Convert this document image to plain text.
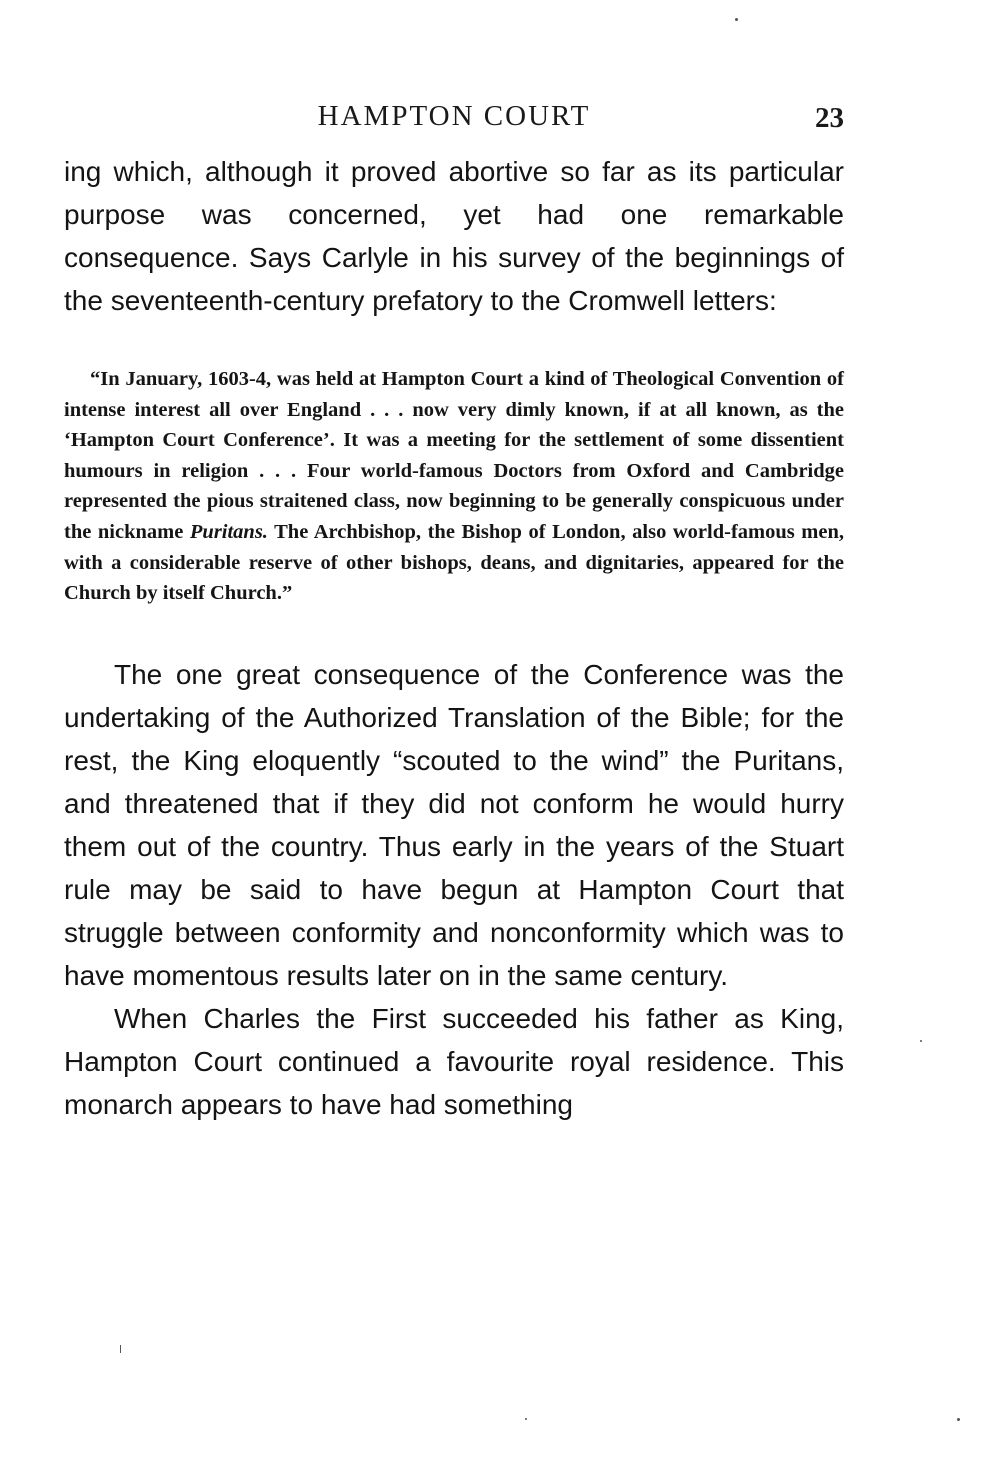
HAMPTON COURT	23

ing which, although it proved abortive so far as its particular purpose was concerned, yet had one remarkable consequence. Says Carlyle in his survey of the beginnings of the seventeenth-century prefatory to the Cromwell letters:

“In January, 1603-4, was held at Hampton Court a kind of Theological Convention of intense interest all over England . . . now very dimly known, if at all known, as the ‘Hampton Court Conference’. It was a meeting for the settlement of some dissentient humours in religion . . . Four world-famous Doctors from Oxford and Cambridge represented the pious straitened class, now beginning to be generally conspicuous under the nickname Puritans. The Archbishop, the Bishop of London, also world-famous men, with a considerable reserve of other bishops, deans, and dignitaries, appeared for the Church by itself Church.”

The one great consequence of the Conference was the undertaking of the Authorized Translation of the Bible; for the rest, the King eloquently “scouted to the wind” the Puritans, and threatened that if they did not conform he would hurry them out of the country. Thus early in the years of the Stuart rule may be said to have begun at Hampton Court that struggle between conformity and nonconformity which was to have momentous results later on in the same century.

When Charles the First succeeded his father as King, Hampton Court continued a favourite royal residence. This monarch appears to have had something
